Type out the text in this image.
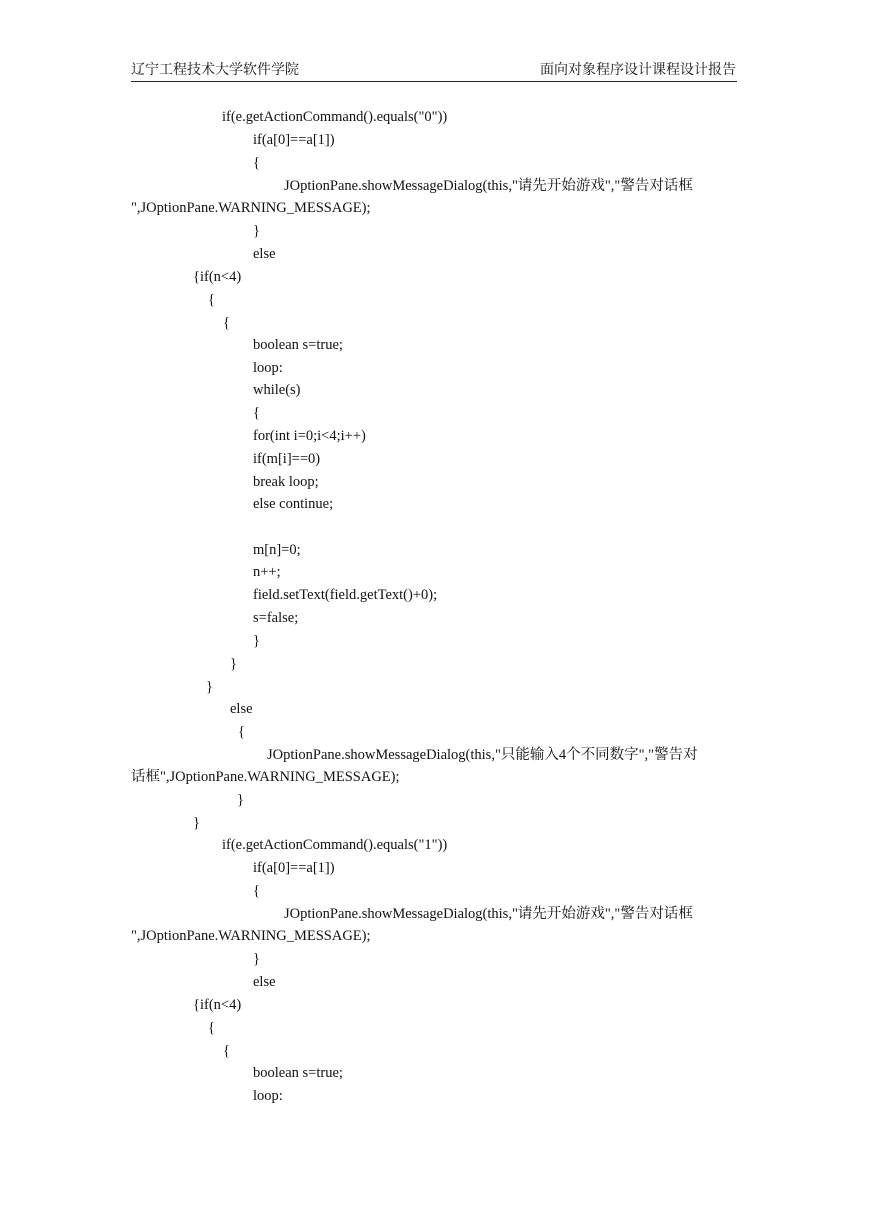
辽宁工程技术大学软件学院	面向对象程序设计课程设计报告
if(e.getActionCommand().equals("0"))
if(a[0]==a[1])
{
JOptionPane.showMessageDialog(this,"请先开始游戏","警告对话框
",JOptionPane.WARNING_MESSAGE);
}
else
{if(n<4)
{
{
boolean s=true;
loop:
while(s)
{
for(int i=0;i<4;i++)
if(m[i]==0)
break loop;
else continue;
m[n]=0;
n++;
field.setText(field.getText()+0);
s=false;
}
}
}
else
{
JOptionPane.showMessageDialog(this,"只能输入4个不同数字","警告对
话框",JOptionPane.WARNING_MESSAGE);
}
}
if(e.getActionCommand().equals("1"))
if(a[0]==a[1])
{
JOptionPane.showMessageDialog(this,"请先开始游戏","警告对话框
",JOptionPane.WARNING_MESSAGE);
}
else
{if(n<4)
{
{
boolean s=true;
loop:
